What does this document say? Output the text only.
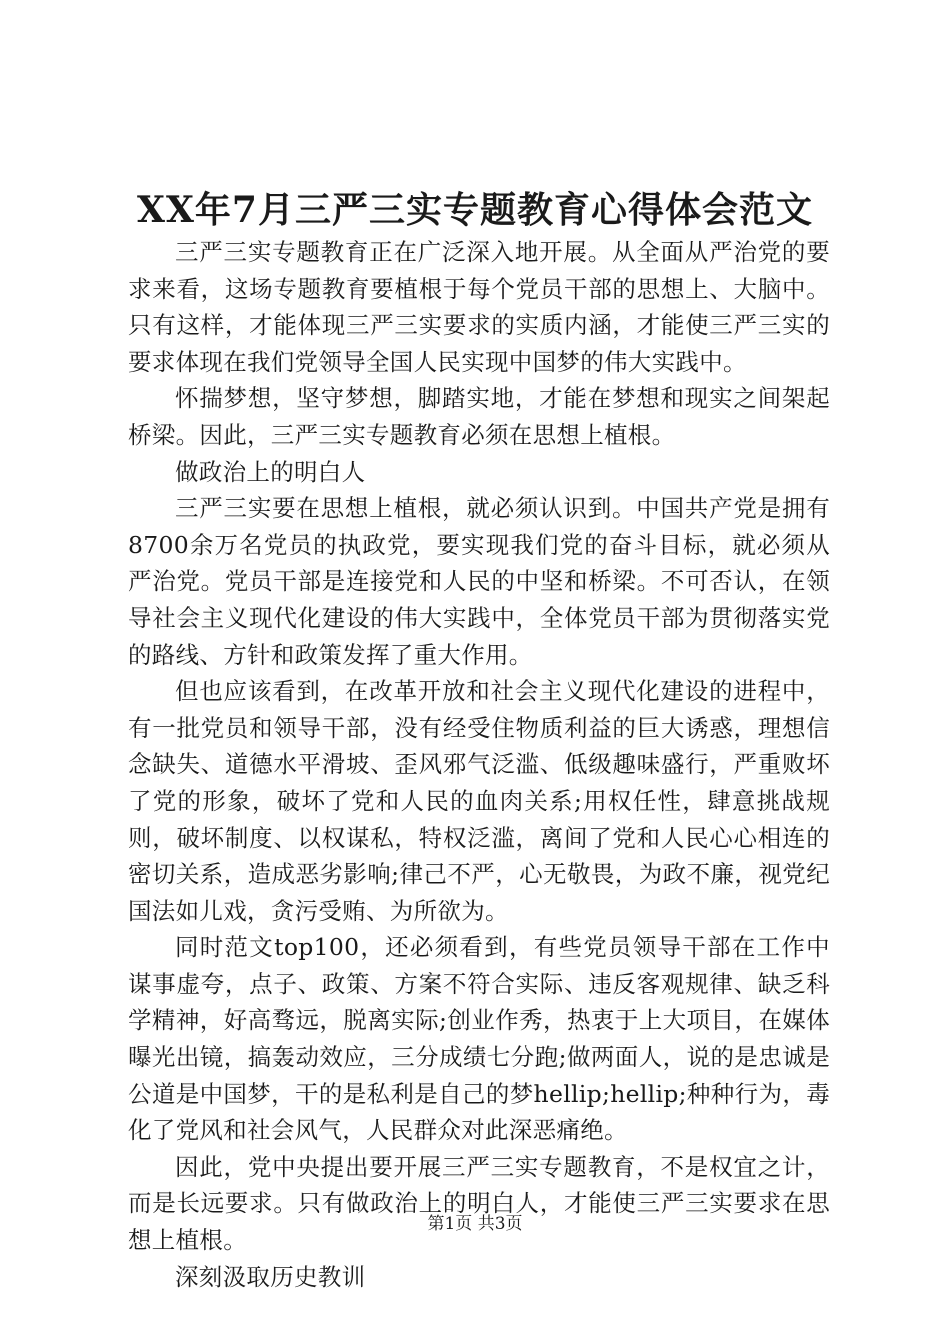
XX年7月三严三实专题教育心得体会范文

三严三实专题教育正在广泛深入地开展。从全面从严治党的要求来看，这场专题教育要植根于每个党员干部的思想上、大脑中。只有这样，才能体现三严三实要求的实质内涵，才能使三严三实的要求体现在我们党领导全国人民实现中国梦的伟大实践中。

怀揣梦想，坚守梦想，脚踏实地，才能在梦想和现实之间架起桥梁。因此，三严三实专题教育必须在思想上植根。

做政治上的明白人

三严三实要在思想上植根，就必须认识到。中国共产党是拥有8700余万名党员的执政党，要实现我们党的奋斗目标，就必须从严治党。党员干部是连接党和人民的中坚和桥梁。不可否认，在领导社会主义现代化建设的伟大实践中，全体党员干部为贯彻落实党的路线、方针和政策发挥了重大作用。

但也应该看到，在改革开放和社会主义现代化建设的进程中，有一批党员和领导干部，没有经受住物质利益的巨大诱惑，理想信念缺失、道德水平滑坡、歪风邪气泛滥、低级趣味盛行，严重败坏了党的形象，破坏了党和人民的血肉关系;用权任性，肆意挑战规则，破坏制度、以权谋私，特权泛滥，离间了党和人民心心相连的密切关系，造成恶劣影响;律己不严，心无敬畏，为政不廉，视党纪国法如儿戏，贪污受贿、为所欲为。

同时范文top100，还必须看到，有些党员领导干部在工作中谋事虚夸，点子、政策、方案不符合实际、违反客观规律、缺乏科学精神，好高骛远，脱离实际;创业作秀，热衷于上大项目，在媒体曝光出镜，搞轰动效应，三分成绩七分跑;做两面人，说的是忠诚是公道是中国梦，干的是私利是自己的梦hellip;hellip;种种行为，毒化了党风和社会风气，人民群众对此深恶痛绝。

因此，党中央提出要开展三严三实专题教育，不是权宜之计，而是长远要求。只有做政治上的明白人，才能使三严三实要求在思想上植根。

深刻汲取历史教训

第1页 共3页
